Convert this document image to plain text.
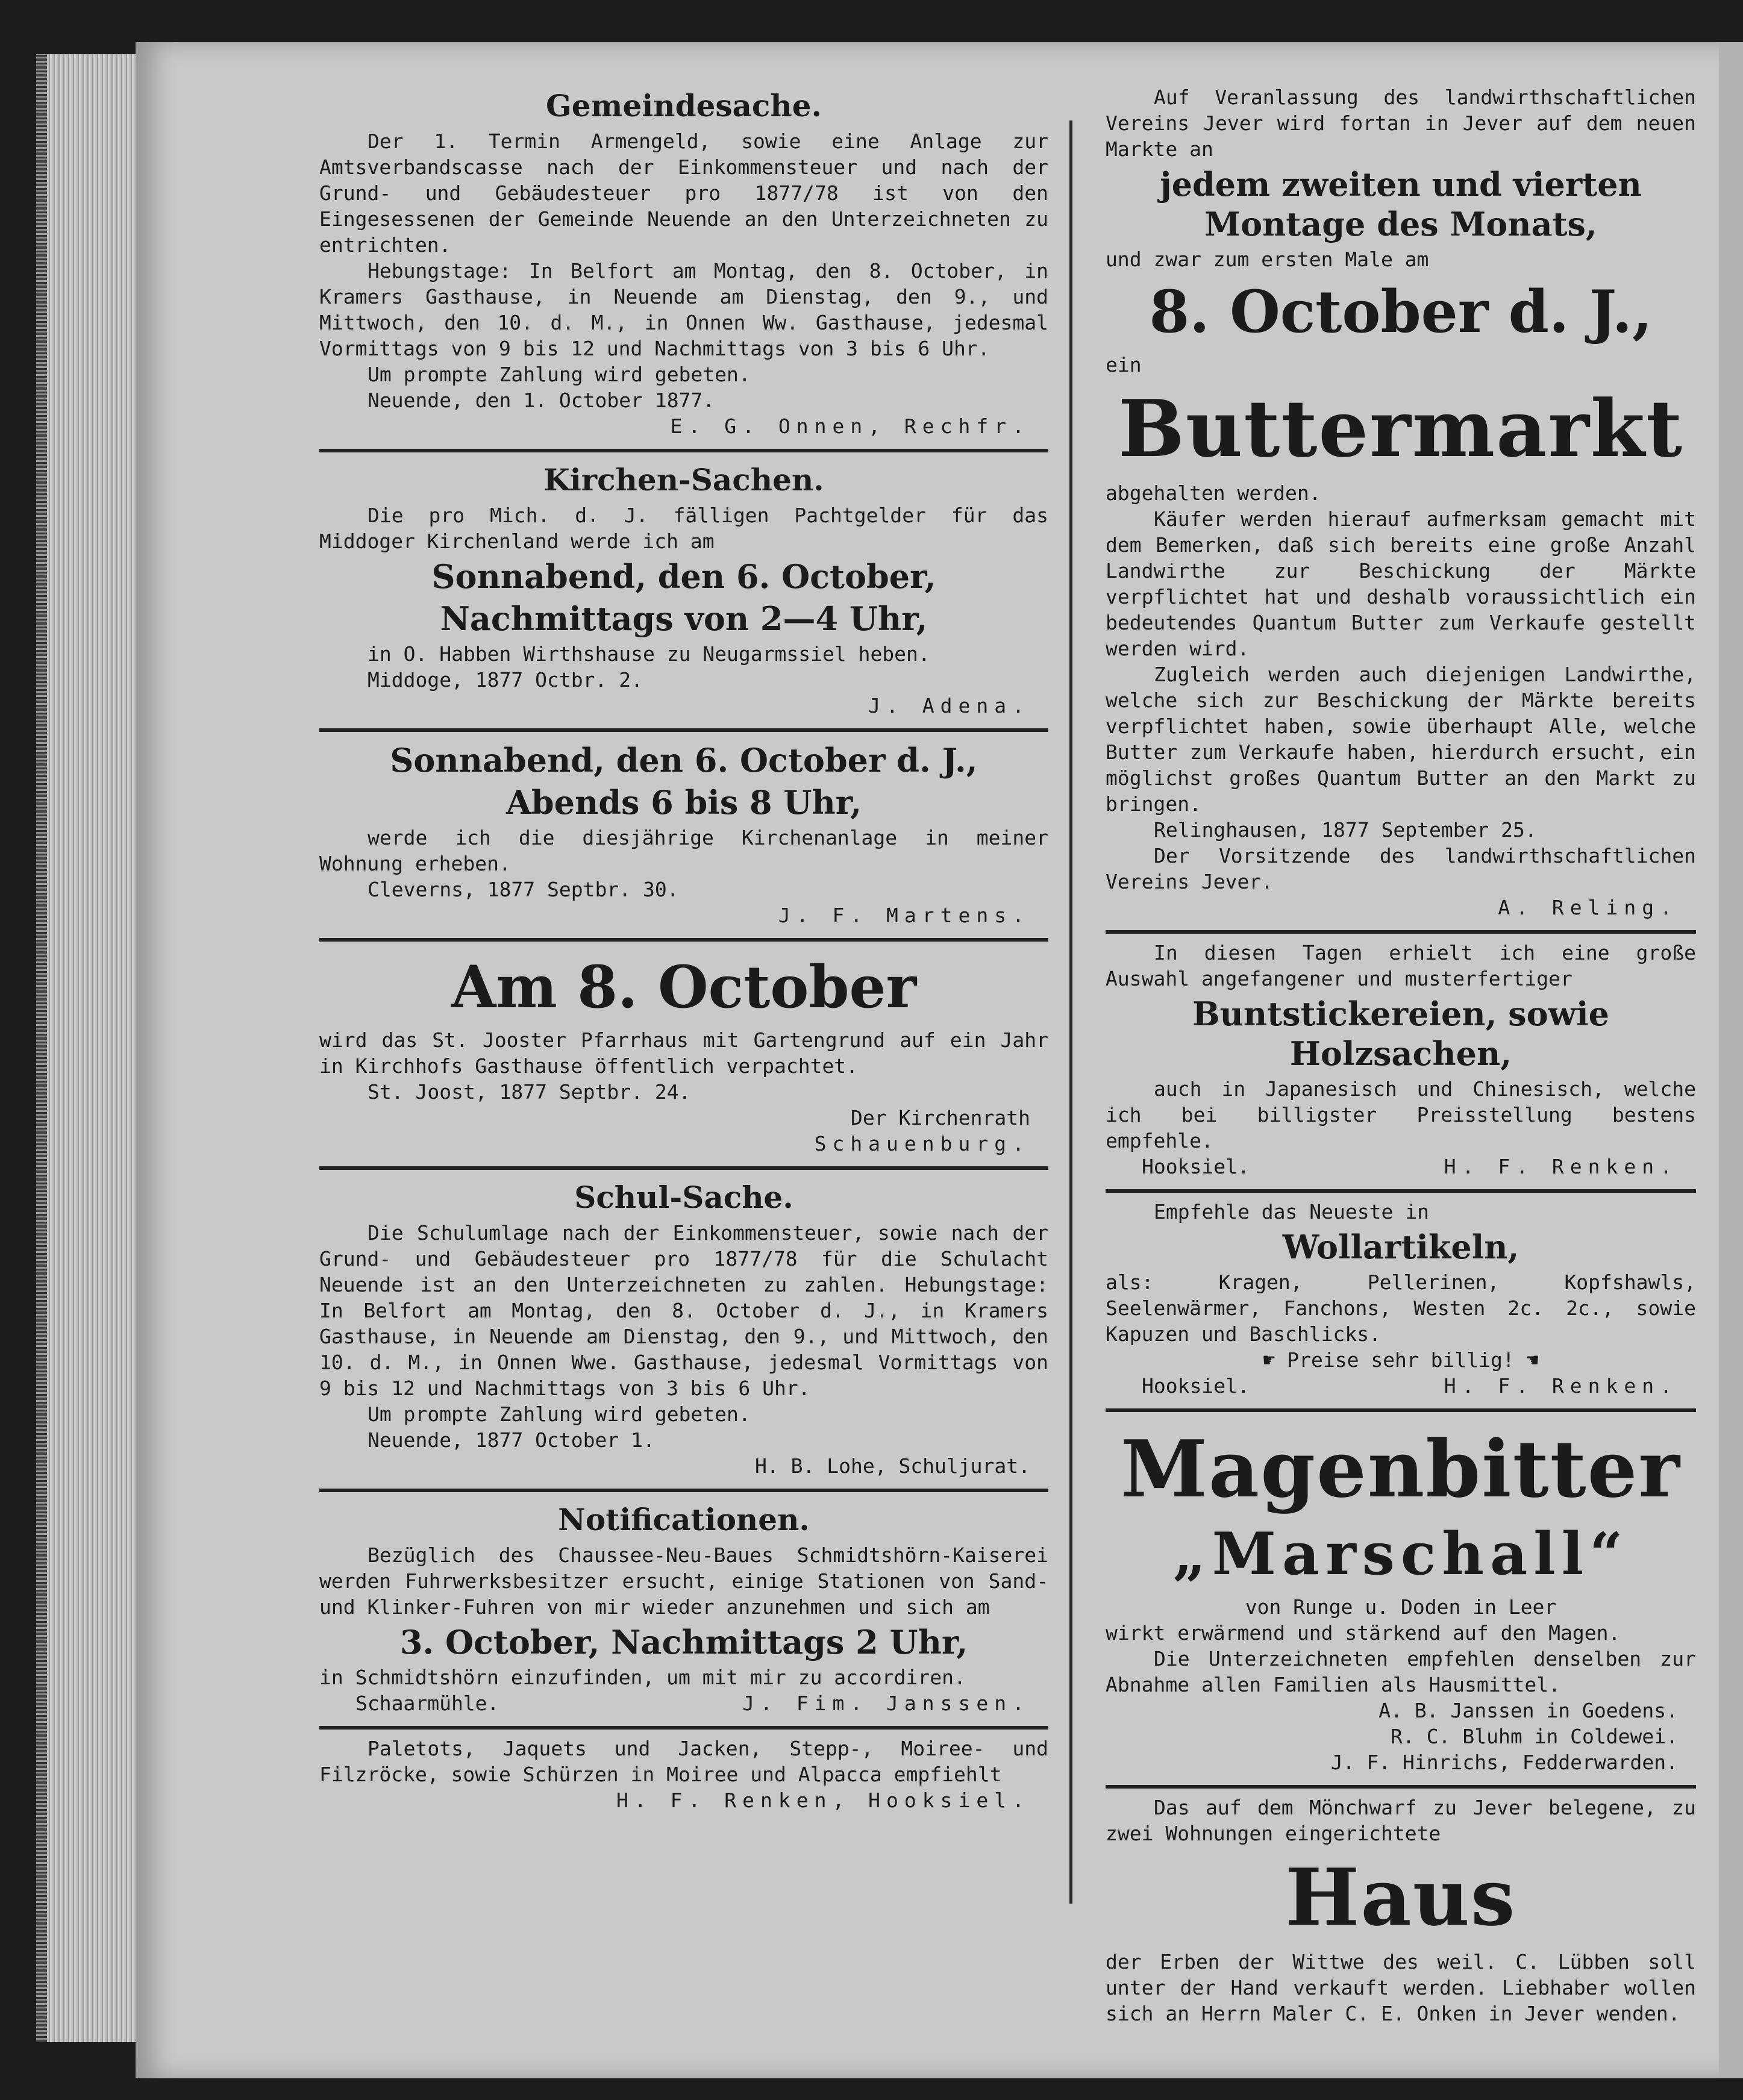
Gemeindesache.

Der 1. Termin Armengeld, sowie eine Anlage zur Amtsverbandscasse nach der Einkommensteuer und nach der Grund- und Gebäudesteuer pro 1877/78 ist von den Eingesessenen der Gemeinde Neuende an den Unterzeichneten zu entrichten.

Hebungstage: In Belfort am Montag, den 8. October, in Kramers Gasthause, in Neuende am Dienstag, den 9., und Mittwoch, den 10. d. M., in Onnen Ww. Gasthause, jedesmal Vormittags von 9 bis 12 und Nachmittags von 3 bis 6 Uhr.

Um prompte Zahlung wird gebeten.

Neuende, den 1. October 1877.

E. G. Onnen, Rechfr.

Kirchen-Sachen.

Die pro Mich. d. J. fälligen Pachtgelder für das Middoger Kirchenland werde ich am

Sonnabend, den 6. October,
Nachmittags von 2—4 Uhr,

in O. Habben Wirthshause zu Neugarmssiel heben.

Middoge, 1877 Octbr. 2.

J. Adena.

Sonnabend, den 6. October d. J.,
Abends 6 bis 8 Uhr,

werde ich die diesjährige Kirchenanlage in meiner Wohnung erheben.

Cleverns, 1877 Septbr. 30.

J. F. Martens.

Am 8. October

wird das St. Jooster Pfarrhaus mit Gartengrund auf ein Jahr in Kirchhofs Gasthause öffentlich verpachtet.

St. Joost, 1877 Septbr. 24.

Der Kirchenrath

Schauenburg.

Schul-Sache.

Die Schulumlage nach der Einkommensteuer, sowie nach der Grund- und Gebäudesteuer pro 1877/78 für die Schulacht Neuende ist an den Unterzeichneten zu zahlen. Hebungstage: In Belfort am Montag, den 8. October d. J., in Kramers Gasthause, in Neuende am Dienstag, den 9., und Mittwoch, den 10. d. M., in Onnen Wwe. Gasthause, jedesmal Vormittags von 9 bis 12 und Nachmittags von 3 bis 6 Uhr.

Um prompte Zahlung wird gebeten.

Neuende, 1877 October 1.

H. B. Lohe, Schuljurat.

Notificationen.

Bezüglich des Chaussee-Neu-Baues Schmidtshörn-Kaiserei werden Fuhrwerksbesitzer ersucht, einige Stationen von Sand- und Klinker-Fuhren von mir wieder anzunehmen und sich am

3. October, Nachmittags 2 Uhr,

in Schmidtshörn einzufinden, um mit mir zu accordiren.

Schaarmühle.	J. Fim. Janssen.

Paletots, Jaquets und Jacken, Stepp-, Moiree- und Filzröcke, sowie Schürzen in Moiree und Alpacca empfiehlt

H. F. Renken, Hooksiel.

Auf Veranlassung des landwirthschaftlichen Vereins Jever wird fortan in Jever auf dem neuen Markte an

jedem zweiten und vierten Montage des Monats,

und zwar zum ersten Male am

8. October d. J.,

ein

Buttermarkt

abgehalten werden.

Käufer werden hierauf aufmerksam gemacht mit dem Bemerken, daß sich bereits eine große Anzahl Landwirthe zur Beschickung der Märkte verpflichtet hat und deshalb voraussichtlich ein bedeutendes Quantum Butter zum Verkaufe gestellt werden wird.

Zugleich werden auch diejenigen Landwirthe, welche sich zur Beschickung der Märkte bereits verpflichtet haben, sowie überhaupt Alle, welche Butter zum Verkaufe haben, hierdurch ersucht, ein möglichst großes Quantum Butter an den Markt zu bringen.

Relinghausen, 1877 September 25.

Der Vorsitzende des landwirthschaftlichen Vereins Jever.

A. Reling.

In diesen Tagen erhielt ich eine große Auswahl angefangener und musterfertiger

Buntstickereien, sowie Holzsachen,

auch in Japanesisch und Chinesisch, welche ich bei billigster Preisstellung bestens empfehle.

Hooksiel.	H. F. Renken.

Empfehle das Neueste in

Wollartikeln,

als: Kragen, Pellerinen, Kopfshawls, Seelenwärmer, Fanchons, Westen 2c. 2c., sowie Kapuzen und Baschlicks.

☛ Preise sehr billig! ☚

Hooksiel.	H. F. Renken.
Magenbitter
„Marschall“

von Runge u. Doden in Leer

wirkt erwärmend und stärkend auf den Magen.

Die Unterzeichneten empfehlen denselben zur Abnahme allen Familien als Hausmittel.

A. B. Janssen in Goedens.

R. C. Bluhm in Coldewei.

J. F. Hinrichs, Fedderwarden.

Das auf dem Mönchwarf zu Jever belegene, zu zwei Wohnungen eingerichtete

Haus

der Erben der Wittwe des weil. C. Lübben soll unter der Hand verkauft werden. Liebhaber wollen sich an Herrn Maler C. E. Onken in Jever wenden.
